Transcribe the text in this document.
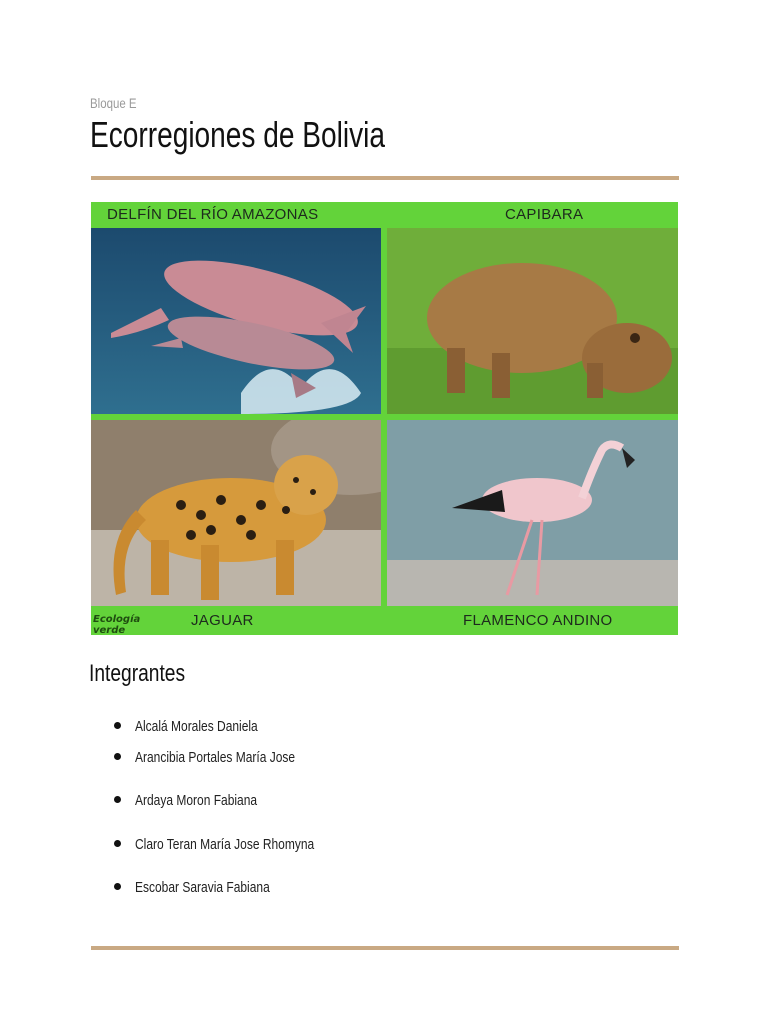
Bloque E
Ecorregiones de Bolivia
DELFÍN DEL RÍO AMAZONAS	CAPIBARA
JAGUAR	FLAMENCO ANDINO
Ecología
verde
Integrantes
Alcalá Morales Daniela
Arancibia Portales María Jose
Ardaya Moron Fabiana
Claro Teran María Jose Rhomyna
Escobar Saravia Fabiana
